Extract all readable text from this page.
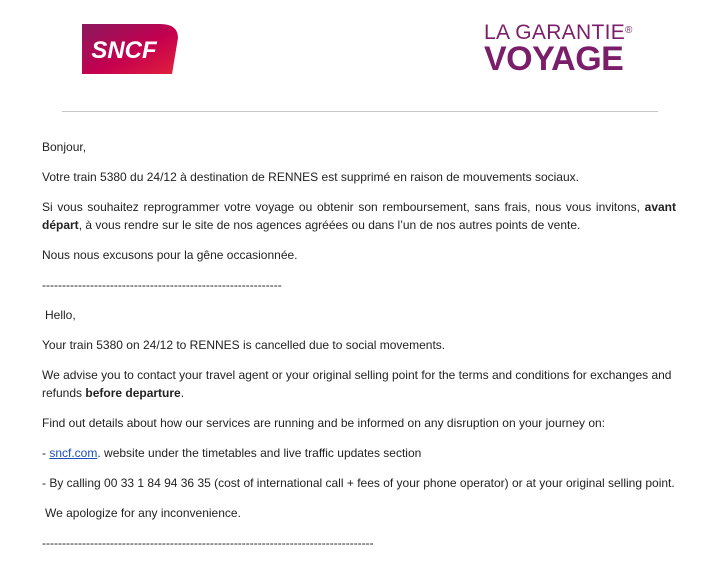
SNCF
LA GARANTIE®
VOYAGE

Bonjour,

Votre train 5380 du 24/12 à destination de RENNES est supprimé en raison de mouvements sociaux.

Si vous souhaitez reprogrammer votre voyage ou obtenir son remboursement, sans frais, nous vous invitons, avant départ, à vous rendre sur le site de nos agences agréées ou dans l’un de nos autres points de vente.

Nous nous excusons pour la gêne occasionnée.

------------------------------------------------------------

Hello,

Your train 5380 on 24/12 to RENNES is cancelled due to social movements.

We advise you to contact your travel agent or your original selling point for the terms and conditions for exchanges and refunds before departure.

Find out details about how our services are running and be informed on any disruption on your journey on:

- sncf.com. website under the timetables and live traffic updates section

- By calling 00 33 1 84 94 36 35 (cost of international call + fees of your phone operator) or at your original selling point.

We apologize for any inconvenience.

-----------------------------------------------------------------------------------
